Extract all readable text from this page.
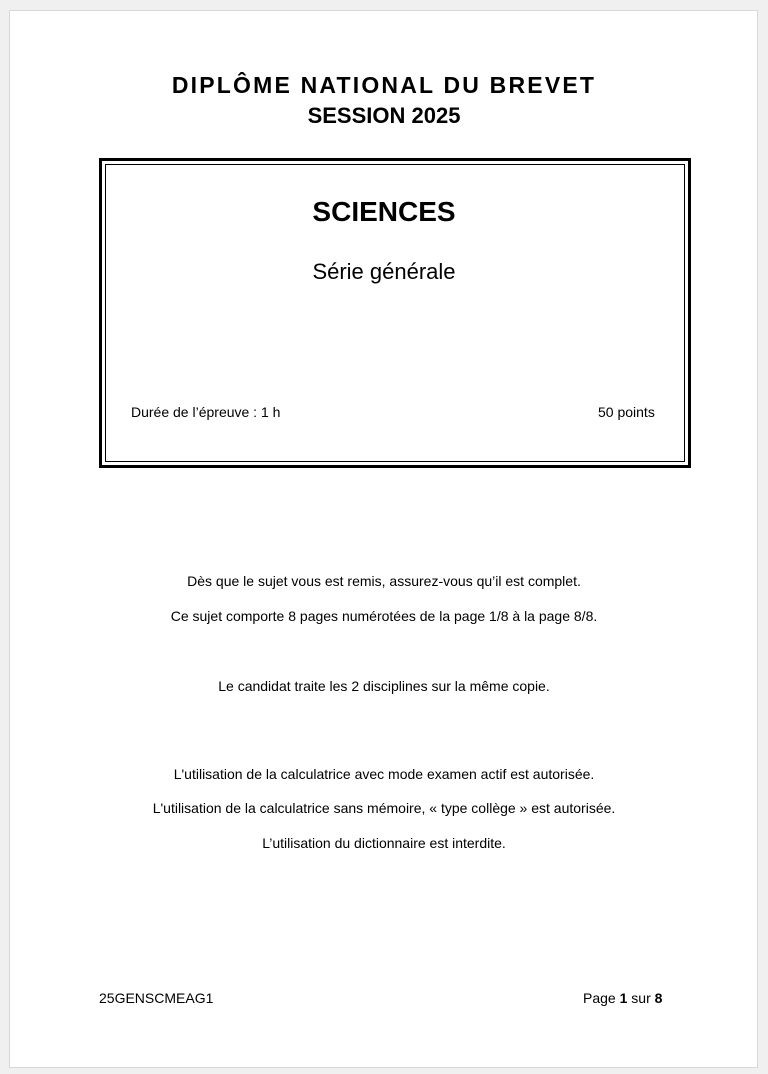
DIPLÔME NATIONAL DU BREVET
SESSION 2025
SCIENCES
Série générale
Durée de l’épreuve : 1 h	50 points
Dès que le sujet vous est remis, assurez-vous qu’il est complet.
Ce sujet comporte 8 pages numérotées de la page 1/8 à la page 8/8.
Le candidat traite les 2 disciplines sur la même copie.
L'utilisation de la calculatrice avec mode examen actif est autorisée.
L'utilisation de la calculatrice sans mémoire, « type collège » est autorisée.
L’utilisation du dictionnaire est interdite.
25GENSCMEAG1	Page 1 sur 8
